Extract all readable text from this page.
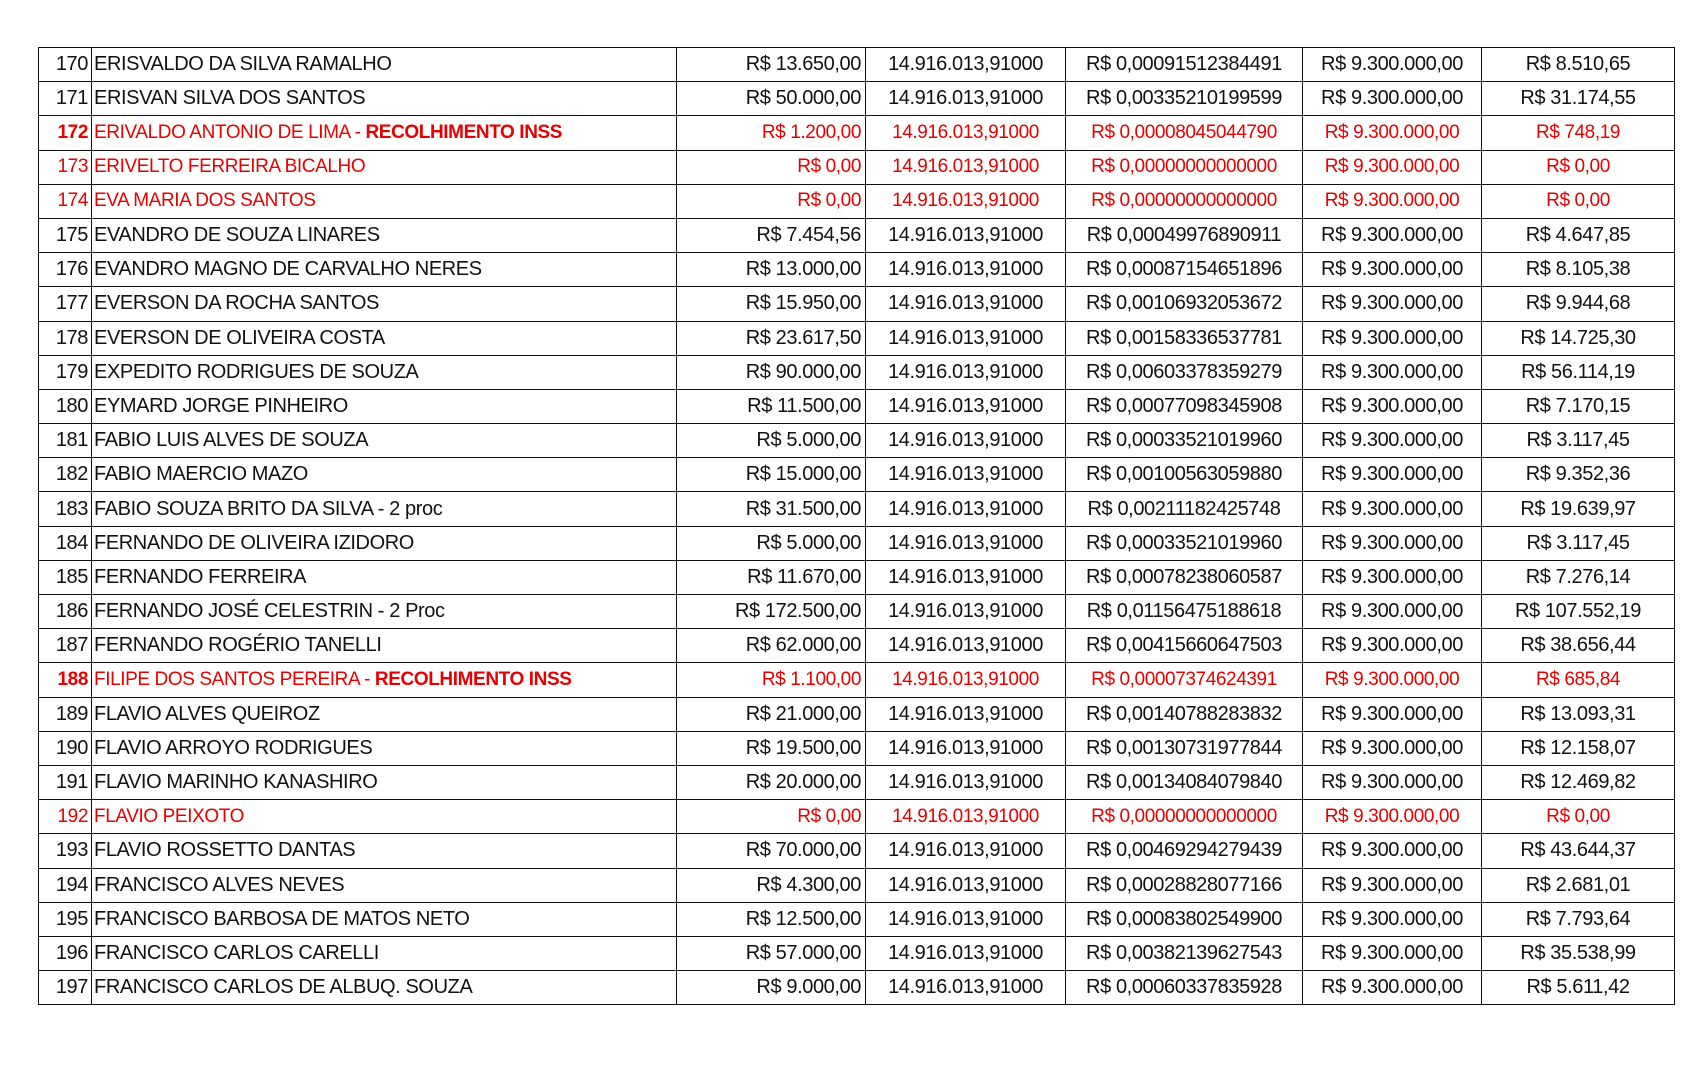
170	ERISVALDO DA SILVA RAMALHO	R$ 13.650,00	14.916.013,91000	R$ 0,00091512384491	R$ 9.300.000,00	R$ 8.510,65
171	ERISVAN SILVA DOS SANTOS	R$ 50.000,00	14.916.013,91000	R$ 0,00335210199599	R$ 9.300.000,00	R$ 31.174,55
172	ERIVALDO ANTONIO DE LIMA - RECOLHIMENTO INSS	R$ 1.200,00	14.916.013,91000	R$ 0,00008045044790	R$ 9.300.000,00	R$ 748,19
173	ERIVELTO FERREIRA BICALHO	R$ 0,00	14.916.013,91000	R$ 0,00000000000000	R$ 9.300.000,00	R$ 0,00
174	EVA MARIA DOS SANTOS	R$ 0,00	14.916.013,91000	R$ 0,00000000000000	R$ 9.300.000,00	R$ 0,00
175	EVANDRO DE SOUZA LINARES	R$ 7.454,56	14.916.013,91000	R$ 0,00049976890911	R$ 9.300.000,00	R$ 4.647,85
176	EVANDRO MAGNO DE CARVALHO NERES	R$ 13.000,00	14.916.013,91000	R$ 0,00087154651896	R$ 9.300.000,00	R$ 8.105,38
177	EVERSON DA ROCHA SANTOS	R$ 15.950,00	14.916.013,91000	R$ 0,00106932053672	R$ 9.300.000,00	R$ 9.944,68
178	EVERSON DE OLIVEIRA COSTA	R$ 23.617,50	14.916.013,91000	R$ 0,00158336537781	R$ 9.300.000,00	R$ 14.725,30
179	EXPEDITO RODRIGUES DE SOUZA	R$ 90.000,00	14.916.013,91000	R$ 0,00603378359279	R$ 9.300.000,00	R$ 56.114,19
180	EYMARD JORGE PINHEIRO	R$ 11.500,00	14.916.013,91000	R$ 0,00077098345908	R$ 9.300.000,00	R$ 7.170,15
181	FABIO LUIS ALVES DE SOUZA	R$ 5.000,00	14.916.013,91000	R$ 0,00033521019960	R$ 9.300.000,00	R$ 3.117,45
182	FABIO MAERCIO MAZO	R$ 15.000,00	14.916.013,91000	R$ 0,00100563059880	R$ 9.300.000,00	R$ 9.352,36
183	FABIO SOUZA BRITO DA SILVA - 2 proc	R$ 31.500,00	14.916.013,91000	R$ 0,00211182425748	R$ 9.300.000,00	R$ 19.639,97
184	FERNANDO DE OLIVEIRA IZIDORO	R$ 5.000,00	14.916.013,91000	R$ 0,00033521019960	R$ 9.300.000,00	R$ 3.117,45
185	FERNANDO FERREIRA	R$ 11.670,00	14.916.013,91000	R$ 0,00078238060587	R$ 9.300.000,00	R$ 7.276,14
186	FERNANDO JOSÉ CELESTRIN - 2 Proc	R$ 172.500,00	14.916.013,91000	R$ 0,01156475188618	R$ 9.300.000,00	R$ 107.552,19
187	FERNANDO ROGÉRIO TANELLI	R$ 62.000,00	14.916.013,91000	R$ 0,00415660647503	R$ 9.300.000,00	R$ 38.656,44
188	FILIPE DOS SANTOS PEREIRA - RECOLHIMENTO INSS	R$ 1.100,00	14.916.013,91000	R$ 0,00007374624391	R$ 9.300.000,00	R$ 685,84
189	FLAVIO ALVES QUEIROZ	R$ 21.000,00	14.916.013,91000	R$ 0,00140788283832	R$ 9.300.000,00	R$ 13.093,31
190	FLAVIO ARROYO RODRIGUES	R$ 19.500,00	14.916.013,91000	R$ 0,00130731977844	R$ 9.300.000,00	R$ 12.158,07
191	FLAVIO MARINHO KANASHIRO	R$ 20.000,00	14.916.013,91000	R$ 0,00134084079840	R$ 9.300.000,00	R$ 12.469,82
192	FLAVIO PEIXOTO	R$ 0,00	14.916.013,91000	R$ 0,00000000000000	R$ 9.300.000,00	R$ 0,00
193	FLAVIO ROSSETTO DANTAS	R$ 70.000,00	14.916.013,91000	R$ 0,00469294279439	R$ 9.300.000,00	R$ 43.644,37
194	FRANCISCO ALVES NEVES	R$ 4.300,00	14.916.013,91000	R$ 0,00028828077166	R$ 9.300.000,00	R$ 2.681,01
195	FRANCISCO BARBOSA DE MATOS NETO	R$ 12.500,00	14.916.013,91000	R$ 0,00083802549900	R$ 9.300.000,00	R$ 7.793,64
196	FRANCISCO CARLOS CARELLI	R$ 57.000,00	14.916.013,91000	R$ 0,00382139627543	R$ 9.300.000,00	R$ 35.538,99
197	FRANCISCO CARLOS DE ALBUQ. SOUZA	R$ 9.000,00	14.916.013,91000	R$ 0,00060337835928	R$ 9.300.000,00	R$ 5.611,42
